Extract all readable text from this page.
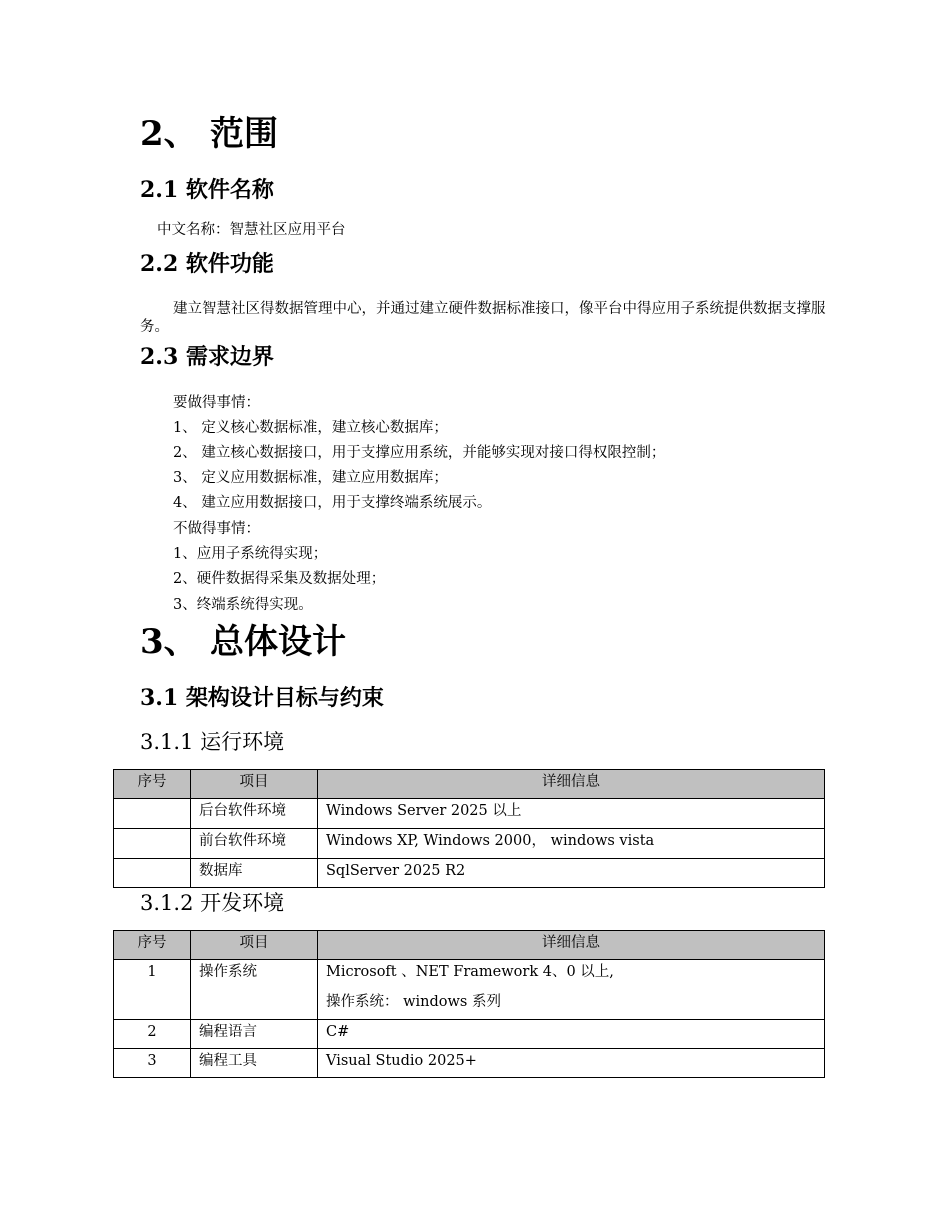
2、 范围
2.1 软件名称
中文名称：智慧社区应用平台
2.2 软件功能
建立智慧社区得数据管理中心，并通过建立硬件数据标准接口，像平台中得应用子系统提供数据支撑服务。
2.3 需求边界
要做得事情：
1、 定义核心数据标准，建立核心数据库；
2、 建立核心数据接口，用于支撑应用系统，并能够实现对接口得权限控制；
3、 定义应用数据标准，建立应用数据库；
4、 建立应用数据接口，用于支撑终端系统展示。
不做得事情：
1、应用子系统得实现；
2、硬件数据得采集及数据处理；
3、终端系统得实现。
3、 总体设计
3.1 架构设计目标与约束
3.1.1 运行环境
序号	项目	详细信息
	后台软件环境	Windows Server 2025 以上
	前台软件环境	Windows XP, Windows 2000， windows vista
	数据库	SqlServer 2025 R2
3.1.2 开发环境
序号	项目	详细信息
1	操作系统	Microsoft 、NET Framework 4、0 以上,
操作系统： windows 系列

2	编程语言	C#
3	编程工具	Visual Studio 2025+
